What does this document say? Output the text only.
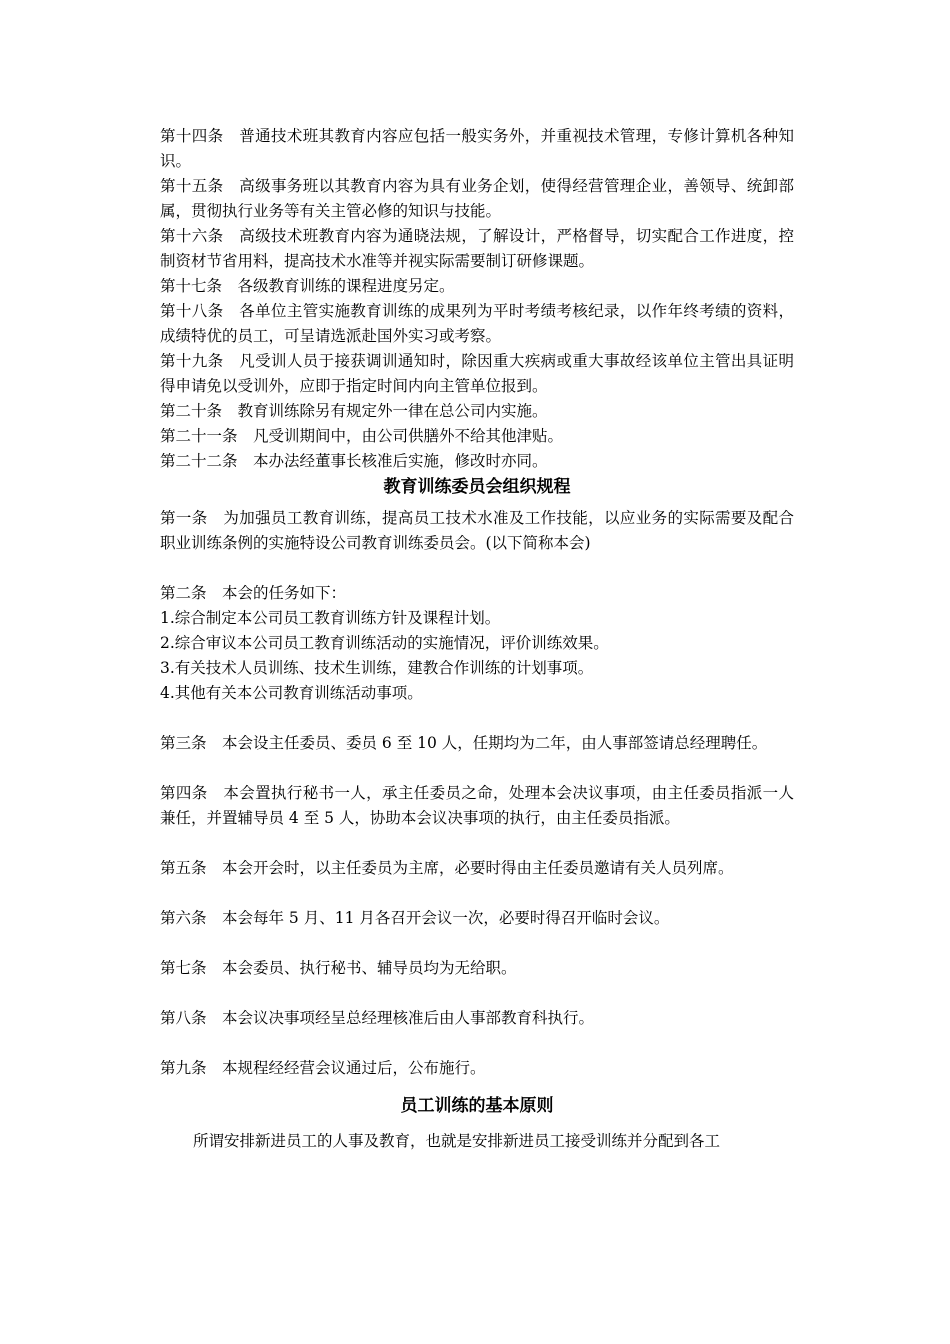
第十四条　普通技术班其教育内容应包括一般实务外，并重视技术管理，专修计算机各种知识。

第十五条　高级事务班以其教育内容为具有业务企划，使得经营管理企业，善领导、统卸部属，贯彻执行业务等有关主管必修的知识与技能。

第十六条　高级技术班教育内容为通晓法规，了解设计，严格督导，切实配合工作进度，控制资材节省用料，提高技术水准等并视实际需要制订研修课题。

第十七条　各级教育训练的课程进度另定。

第十八条　各单位主管实施教育训练的成果列为平时考绩考核纪录，以作年终考绩的资料，成绩特优的员工，可呈请选派赴国外实习或考察。

第十九条　凡受训人员于接获调训通知时，除因重大疾病或重大事故经该单位主管出具证明得申请免以受训外，应即于指定时间内向主管单位报到。

第二十条　教育训练除另有规定外一律在总公司内实施。

第二十一条　凡受训期间中，由公司供膳外不给其他津贴。

第二十二条　本办法经董事长核准后实施，修改时亦同。

教育训练委员会组织规程

第一条　为加强员工教育训练，提高员工技术水准及工作技能，以应业务的实际需要及配合职业训练条例的实施特设公司教育训练委员会。(以下简称本会)

第二条　本会的任务如下：

1.综合制定本公司员工教育训练方针及课程计划。

2.综合审议本公司员工教育训练活动的实施情况，评价训练效果。

3.有关技术人员训练、技术生训练，建教合作训练的计划事项。

4.其他有关本公司教育训练活动事项。

第三条　本会设主任委员、委员 6 至 10 人，任期均为二年，由人事部签请总经理聘任。

第四条　本会置执行秘书一人，承主任委员之命，处理本会决议事项，由主任委员指派一人兼任，并置辅导员 4 至 5 人，协助本会议决事项的执行，由主任委员指派。

第五条　本会开会时，以主任委员为主席，必要时得由主任委员邀请有关人员列席。

第六条　本会每年 5 月、11 月各召开会议一次，必要时得召开临时会议。

第七条　本会委员、执行秘书、辅导员均为无给职。

第八条　本会议决事项经呈总经理核准后由人事部教育科执行。

第九条　本规程经经营会议通过后，公布施行。

员工训练的基本原则

所谓安排新进员工的人事及教育，也就是安排新进员工接受训练并分配到各工
